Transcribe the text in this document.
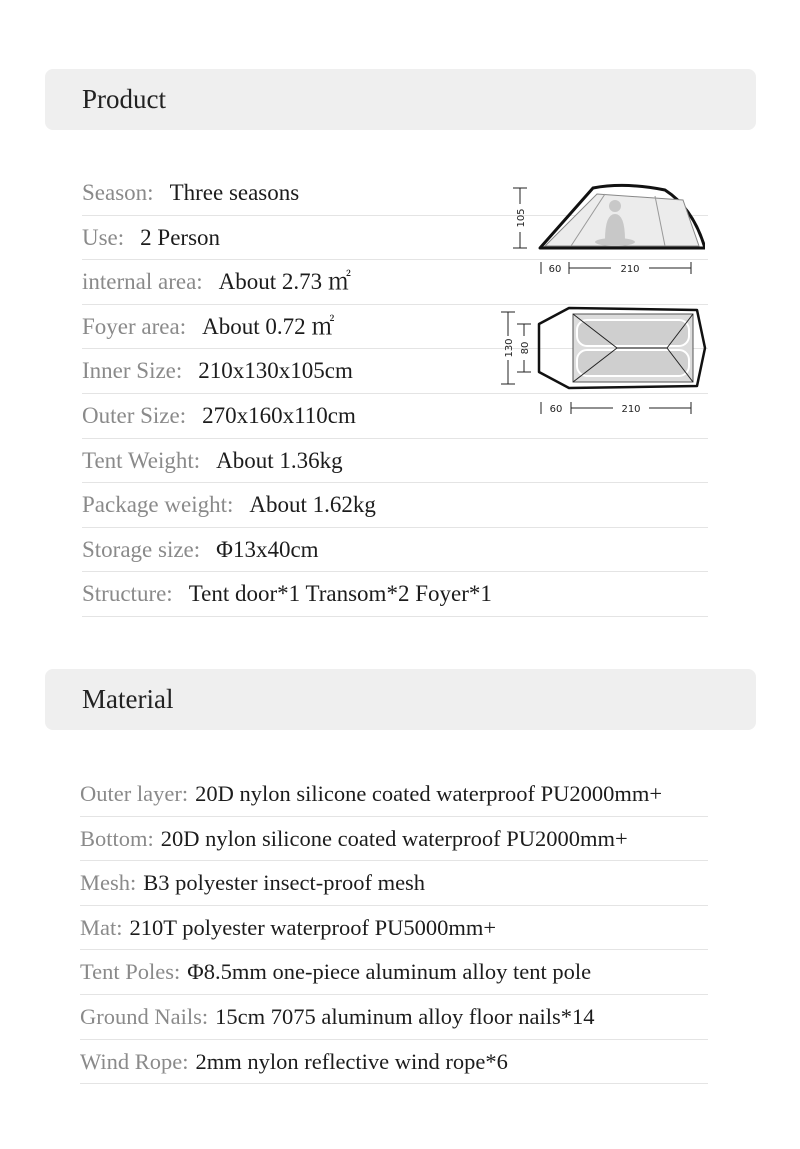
Product
Season: Three seasons
Use: 2 Person
internal area: About 2.73 ㎡
Foyer area: About 0.72 ㎡
Inner Size: 210x130x105cm
Outer Size: 270x160x110cm
Tent Weight: About 1.36kg
Package weight: About 1.62kg
Storage size: Φ13x40cm
Structure: Tent door*1 Transom*2 Foyer*1
105
60	210
130 80
60	210
Material
Outer layer: 20D nylon silicone coated waterproof PU2000mm+
Bottom: 20D nylon silicone coated waterproof PU2000mm+
Mesh: B3 polyester insect-proof mesh
Mat: 210T polyester waterproof PU5000mm+
Tent Poles: Φ8.5mm one-piece aluminum alloy tent pole
Ground Nails: 15cm 7075 aluminum alloy floor nails*14
Wind Rope: 2mm nylon reflective wind rope*6
